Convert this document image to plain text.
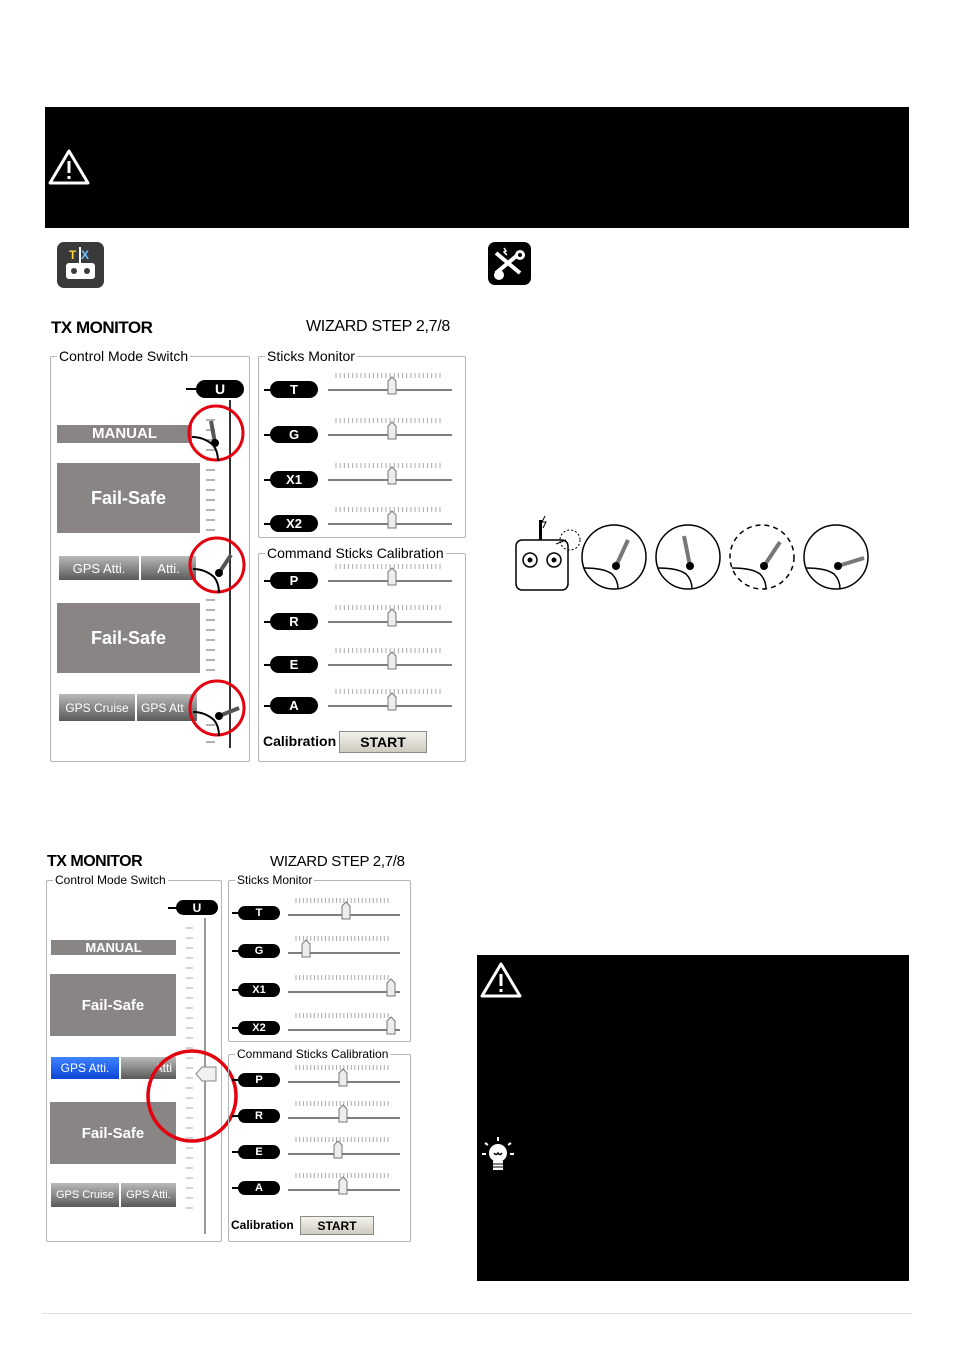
T X
TX MONITOR	WIZARD STEP 2,7/8
Control Mode Switch
U
MANUAL
Fail-Safe
GPS Atti.	Atti.
Fail-Safe
GPS Cruise	GPS Att
Sticks Monitor
Command Sticks Calibration
T
G
X1
X2
P
R
E
A
Calibration	START
TX MONITOR	WIZARD STEP 2,7/8
Control Mode Switch
U
MANUAL
Fail-Safe
GPS Atti.	Atti
Fail-Safe
GPS Cruise	GPS Atti.
Sticks Monitor
Command Sticks Calibration
T
G
X1
X2
P
R
E
A
Calibration	START
